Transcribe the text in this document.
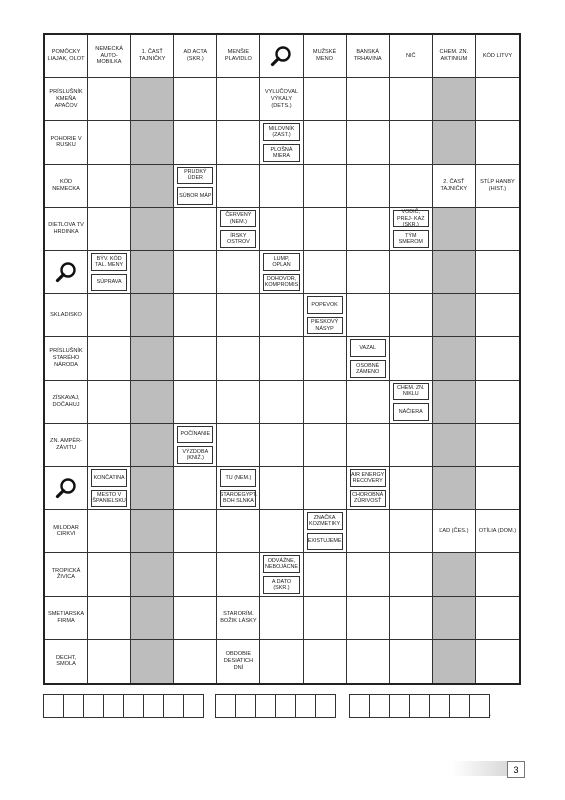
POMÔCKY LIAJAK, OLOT
NEMECKÁ AUTO-MOBILKA
1. ČASŤ TAJNIČKY
AD ACTA (SKR.)
MENŠIE PLAVIDLO
MUŽSKÉ MENO
BANSKÁ TRHAVINA
NIČ
CHEM. ZN. AKTINIUM
KÓD LITVY
PRÍSLUŠNÍK KMEŇA APAČOV
VYLUČOVAL VÝKALY (DETS.)
POHORIE V RUSKU
MILOVNÍK (ZAST.)
PLOŠNÁ MIERA
KÓD NEMECKA
PRUDKÝ ÚDER
SÚBOR MÁP
2. ČASŤ TAJNIČKY
STĹP HANBY (HIST.)
DIETLOVA TV HRDINKA
ČERVENÝ (NEM.)
ÍRSKY OSTROV
VODIČ, PREJ- KAZ (SKR.)
TÝM SMEROM
BÝV. KÓD TAL. MENY
SÚPRAVA
LUMP, OPLAN
DOHOVOR, KOMPROMIS
SKLADISKO
POPEVOK
PIESKOVÝ NÁSYP
PRÍSLUŠNÍK STARÉHO NÁRODA
VAZAL
OSOBNÉ ZÁMENO
ZÍSKAVAJ, DOČAHUJ
CHEM. ZN. NIKLU
NÁČIERA
ZN. AMPÉR-ZÁVITU
POČÍNANIE
VÝZDOBA (KNIŽ.)
KONČATINA
MESTO V ŠPANIELSKU
TU (NEM.)
STAROEGYPT. BOH SLNKA
AIR ENERGY RECOVERY
CHOROBNÁ ZÚRIVOSŤ
MILODAR CIRKVI
ZNAČKA KOZMETIKY
EXISTUJEME
ĽAD (ČES.)	OTÍLIA (DOM.)
TROPICKÁ ŽIVICA
ODVÁŽNE, NEBOJÁCNE
A DATO (SKR.)
SMETIARSKA FIRMA
STARORÍM. BOŽIK LÁSKY
DECHT, SMOLA
OBDOBIE DESIATICH DNÍ
.
3
